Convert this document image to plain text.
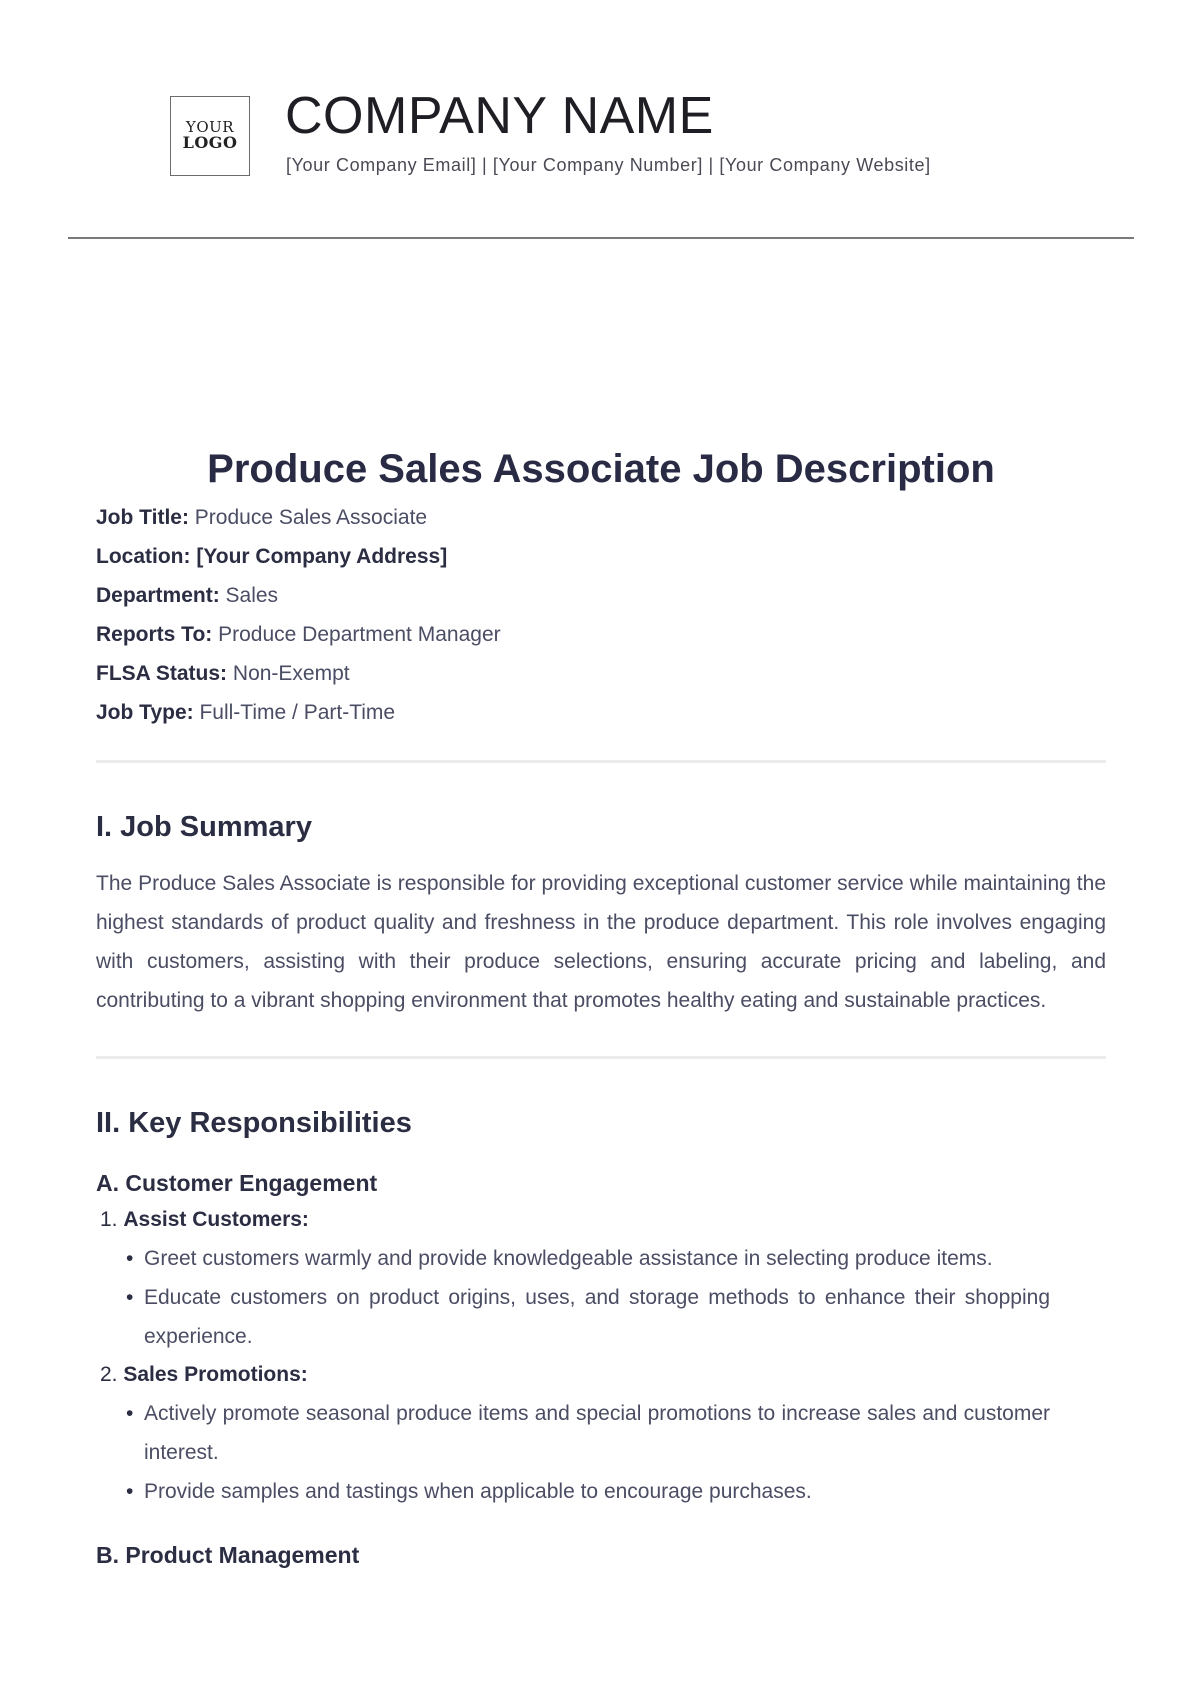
YOUR
LOGO COMPANY NAME
[Your Company Email] | [Your Company Number] | [Your Company Website]
Produce Sales Associate Job Description
Job Title: Produce Sales Associate
Location: [Your Company Address]
Department: Sales
Reports To: Produce Department Manager
FLSA Status: Non-Exempt
Job Type: Full-Time / Part-Time
I. Job Summary

The Produce Sales Associate is responsible for providing exceptional customer service while maintaining the highest standards of product quality and freshness in the produce department. This role involves engaging with customers, assisting with their produce selections, ensuring accurate pricing and labeling, and contributing to a vibrant shopping environment that promotes healthy eating and sustainable practices.

II. Key Responsibilities
A. Customer Engagement
1. Assist Customers:
• Greet customers warmly and provide knowledgeable assistance in selecting produce items.
• Educate customers on product origins, uses, and storage methods to enhance their shopping experience.
2. Sales Promotions:
• Actively promote seasonal produce items and special promotions to increase sales and customer interest.
• Provide samples and tastings when applicable to encourage purchases.
B. Product Management
